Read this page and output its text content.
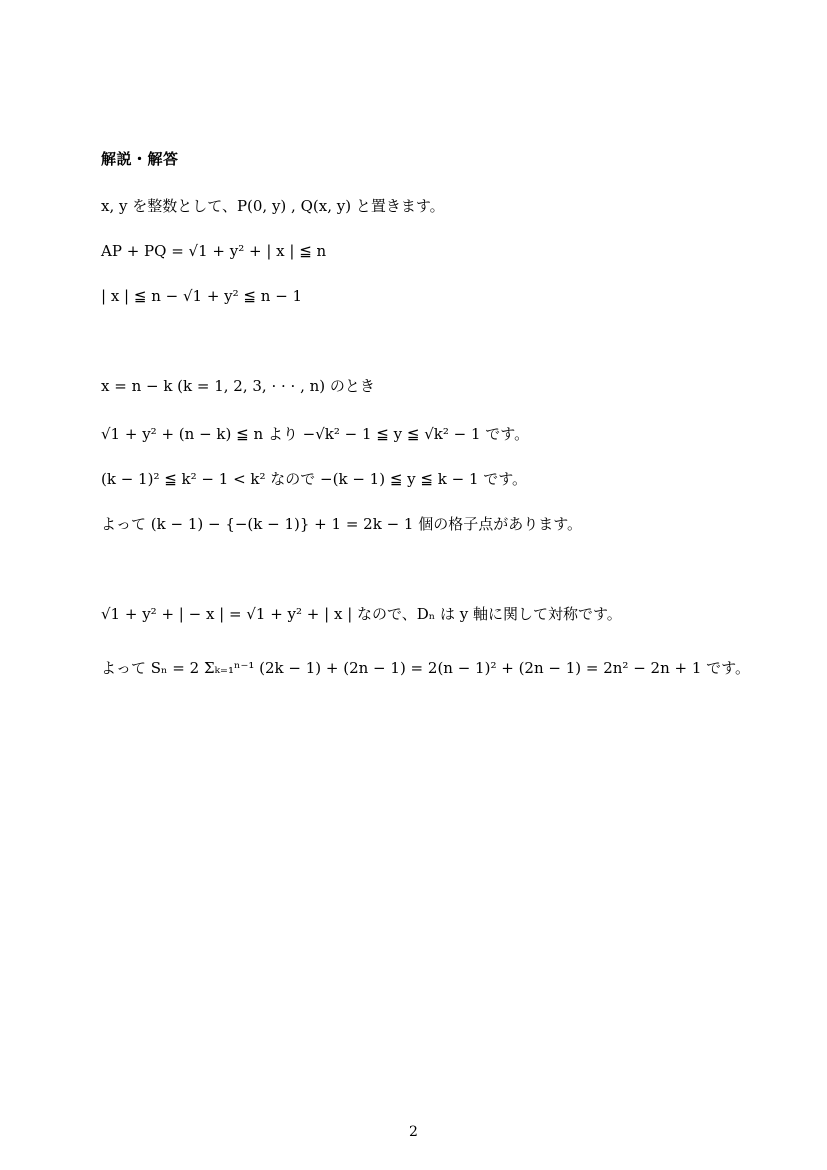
解説・解答
x, y を整数として、P(0, y) , Q(x, y) と置きます。
AP + PQ = √1 + y² + | x | ≦ n
| x | ≦ n − √1 + y² ≦ n − 1
x = n − k (k = 1, 2, 3, · · · , n) のとき
√1 + y² + (n − k) ≦ n より −√k² − 1 ≦ y ≦ √k² − 1 です。
(k − 1)² ≦ k² − 1 < k² なので −(k − 1) ≦ y ≦ k − 1 です。
よって (k − 1) − {−(k − 1)} + 1 = 2k − 1 個の格子点があります。
√1 + y² + | − x | = √1 + y² + | x | なので、Dₙ は y 軸に関して対称です。
よって Sₙ = 2 Σₖ₌₁ⁿ⁻¹ (2k − 1) + (2n − 1) = 2(n − 1)² + (2n − 1) = 2n² − 2n + 1 です。
2
